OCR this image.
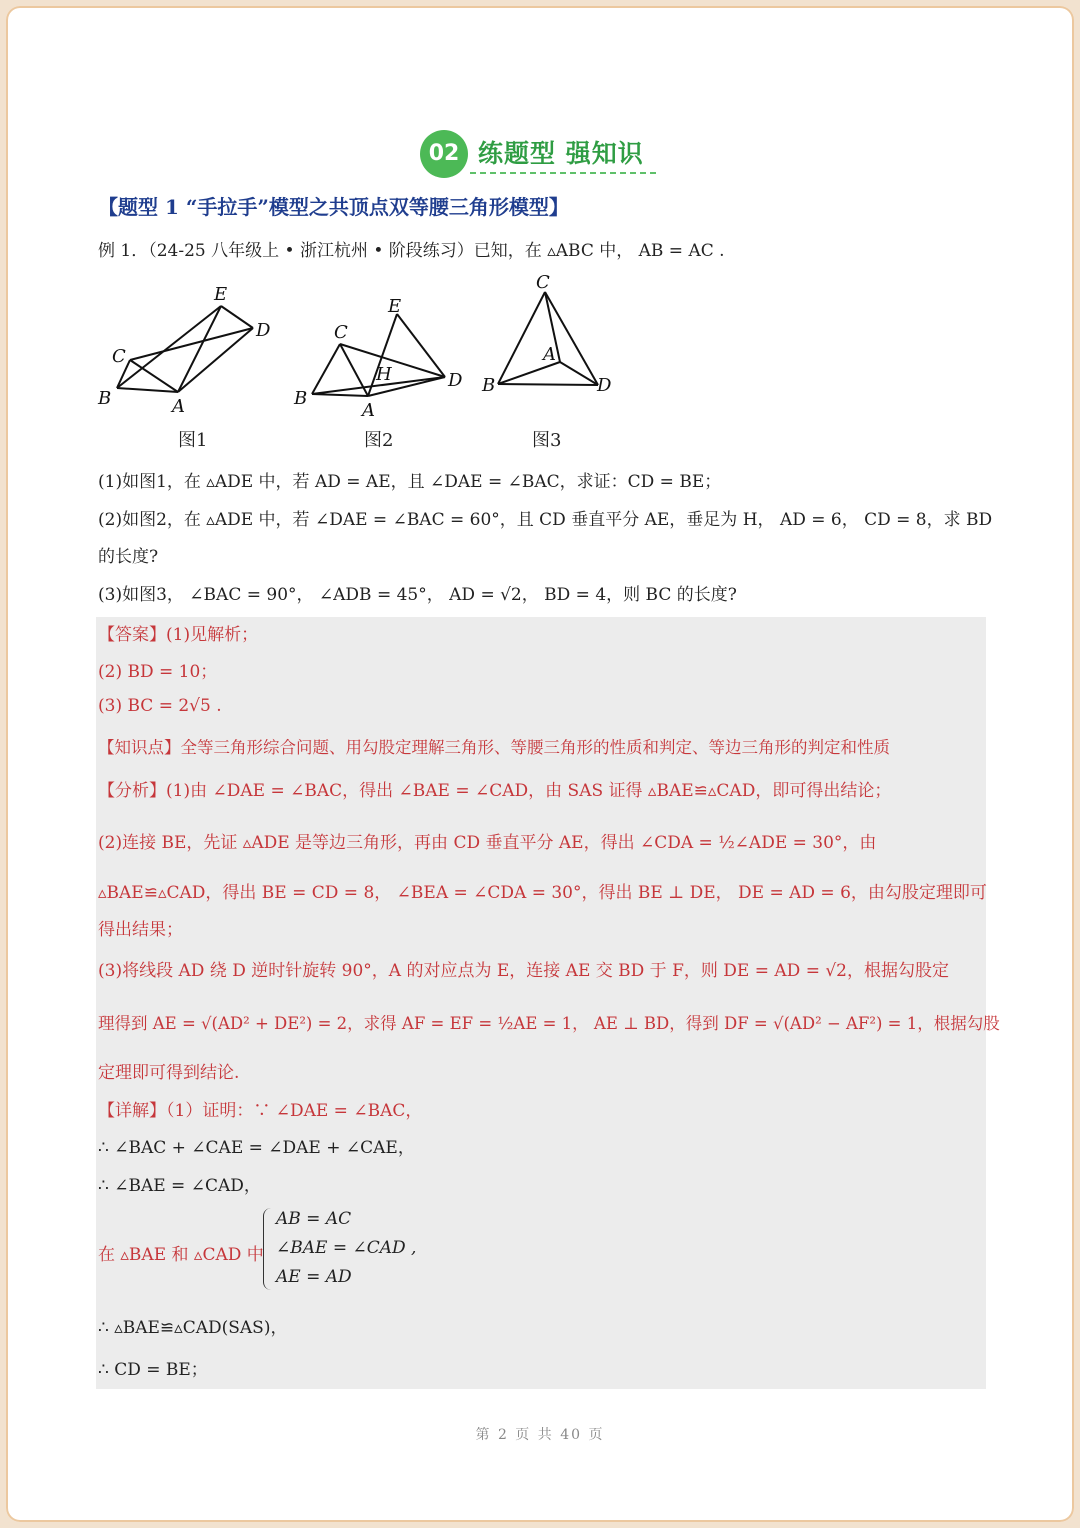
02 练题型 强知识
【题型 1 “手拉手”模型之共顶点双等腰三角形模型】
例 1．（24-25 八年级上 • 浙江杭州 • 阶段练习）已知，在 ▵ABC 中， AB = AC .
E
D
C
B	A
E
C
H	D
B
A
C
A
B	D
图1	图2	图3
(1)如图1，在 ▵ADE 中，若 AD = AE，且 ∠DAE = ∠BAC，求证：CD = BE；
(2)如图2，在 ▵ADE 中，若 ∠DAE = ∠BAC = 60°，且 CD 垂直平分 AE，垂足为 H， AD = 6， CD = 8，求 BD
的长度?
(3)如图3， ∠BAC = 90°， ∠ADB = 45°， AD = √2， BD = 4，则 BC 的长度?
【答案】(1)见解析；
(2) BD = 10；
(3) BC = 2√5 .
【知识点】全等三角形综合问题、用勾股定理解三角形、等腰三角形的性质和判定、等边三角形的判定和性质
【分析】(1)由 ∠DAE = ∠BAC，得出 ∠BAE = ∠CAD，由 SAS 证得 ▵BAE≌▵CAD，即可得出结论；
(2)连接 BE，先证 ▵ADE 是等边三角形，再由 CD 垂直平分 AE，得出 ∠CDA = ½∠ADE = 30°，由
▵BAE≌▵CAD，得出 BE = CD = 8， ∠BEA = ∠CDA = 30°，得出 BE ⊥ DE， DE = AD = 6，由勾股定理即可
得出结果；
(3)将线段 AD 绕 D 逆时针旋转 90°，A 的对应点为 E，连接 AE 交 BD 于 F，则 DE = AD = √2，根据勾股定
理得到 AE = √(AD² + DE²) = 2，求得 AF = EF = ½AE = 1， AE ⊥ BD，得到 DF = √(AD² − AF²) = 1，根据勾股
定理即可得到结论.
【详解】（1）证明：∵ ∠DAE = ∠BAC，
∴ ∠BAC + ∠CAE = ∠DAE + ∠CAE，
∴ ∠BAE = ∠CAD，
在 ▵BAE 和 ▵CAD 中
AB = AC
∠BAE = ∠CAD ,
AE = AD
∴ ▵BAE≌▵CAD(SAS)，
∴ CD = BE；
第 2 页 共 40 页
